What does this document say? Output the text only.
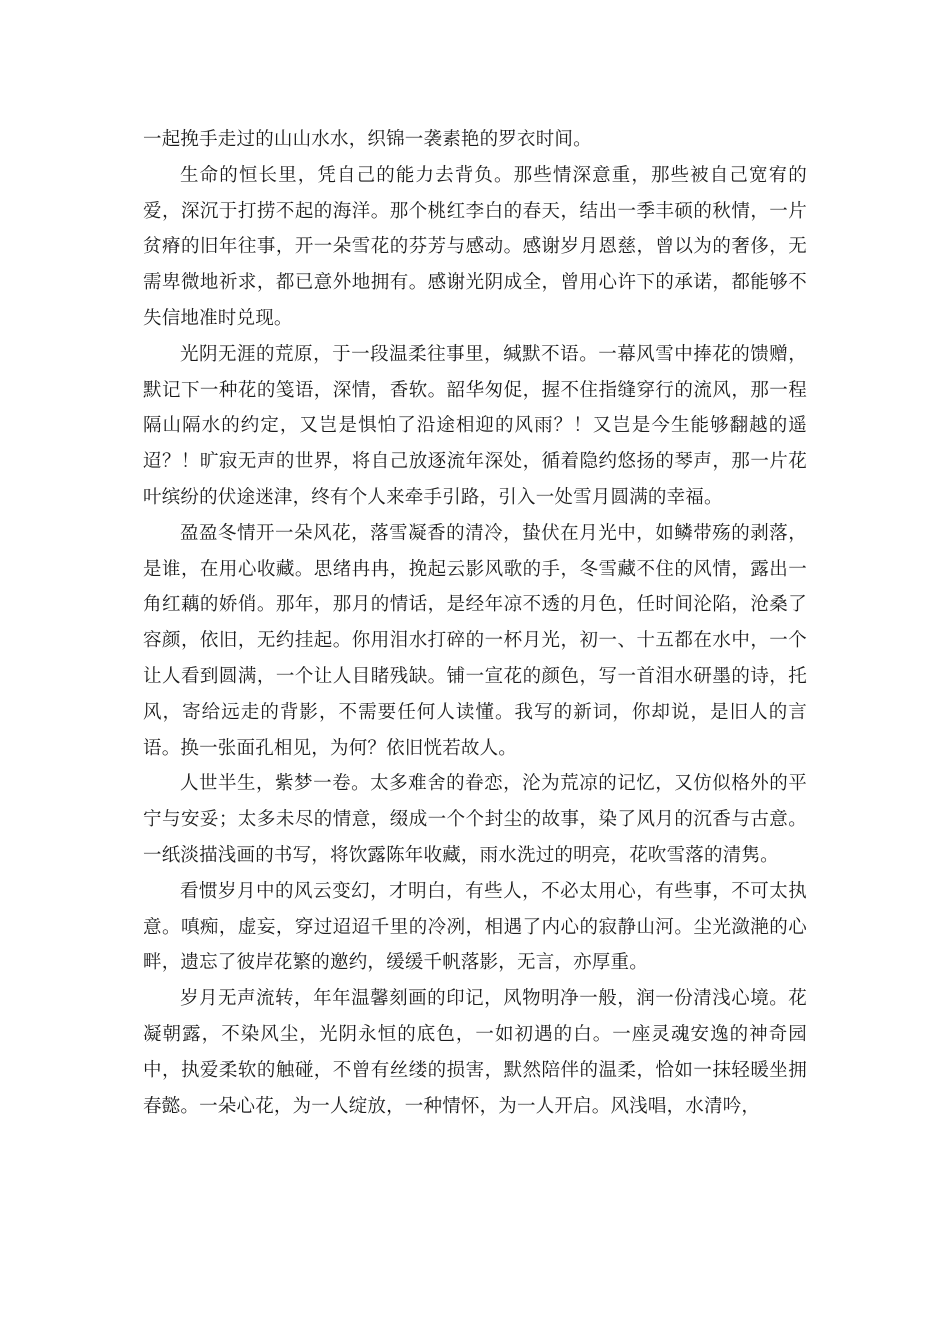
一起挽手走过的山山水水，织锦一袭素艳的罗衣时间。

生命的恒长里，凭自己的能力去背负。那些情深意重，那些被自己宽宥的爱，深沉于打捞不起的海洋。那个桃红李白的春天，结出一季丰硕的秋情，一片贫瘠的旧年往事，开一朵雪花的芬芳与感动。感谢岁月恩慈，曾以为的奢侈，无需卑微地祈求，都已意外地拥有。感谢光阴成全，曾用心许下的承诺，都能够不失信地准时兑现。

光阴无涯的荒原，于一段温柔往事里，缄默不语。一幕风雪中捧花的馈赠，默记下一种花的笺语，深情，香软。韶华匆促，握不住指缝穿行的流风，那一程隔山隔水的约定，又岂是惧怕了沿途相迎的风雨？！又岂是今生能够翻越的遥迢？！旷寂无声的世界，将自己放逐流年深处，循着隐约悠扬的琴声，那一片花叶缤纷的伏途迷津，终有个人来牵手引路，引入一处雪月圆满的幸福。

盈盈冬情开一朵风花，落雪凝香的清冷，蛰伏在月光中，如鳞带殇的剥落，是谁，在用心收藏。思绪冉冉，挽起云影风歌的手，冬雪藏不住的风情，露出一角红藕的娇俏。那年，那月的情话，是经年凉不透的月色，任时间沦陷，沧桑了容颜，依旧，无约挂起。你用泪水打碎的一杯月光，初一、十五都在水中，一个让人看到圆满，一个让人目睹残缺。铺一宣花的颜色，写一首泪水研墨的诗，托风，寄给远走的背影，不需要任何人读懂。我写的新词，你却说，是旧人的言语。换一张面孔相见，为何？依旧恍若故人。

人世半生，紫梦一卷。太多难舍的眷恋，沦为荒凉的记忆，又仿似格外的平宁与安妥；太多未尽的情意，缀成一个个封尘的故事，染了风月的沉香与古意。一纸淡描浅画的书写，将饮露陈年收藏，雨水洗过的明亮，花吹雪落的清隽。

看惯岁月中的风云变幻，才明白，有些人，不必太用心，有些事，不可太执意。嗔痴，虚妄，穿过迢迢千里的冷冽，相遇了内心的寂静山河。尘光潋滟的心畔，遗忘了彼岸花繁的邀约，缓缓千帆落影，无言，亦厚重。

岁月无声流转，年年温馨刻画的印记，风物明净一般，润一份清浅心境。花凝朝露，不染风尘，光阴永恒的底色，一如初遇的白。一座灵魂安逸的神奇园中，执爱柔软的触碰，不曾有丝缕的损害，默然陪伴的温柔，恰如一抹轻暖坐拥春懿。一朵心花，为一人绽放，一种情怀，为一人开启。风浅唱，水清吟，
